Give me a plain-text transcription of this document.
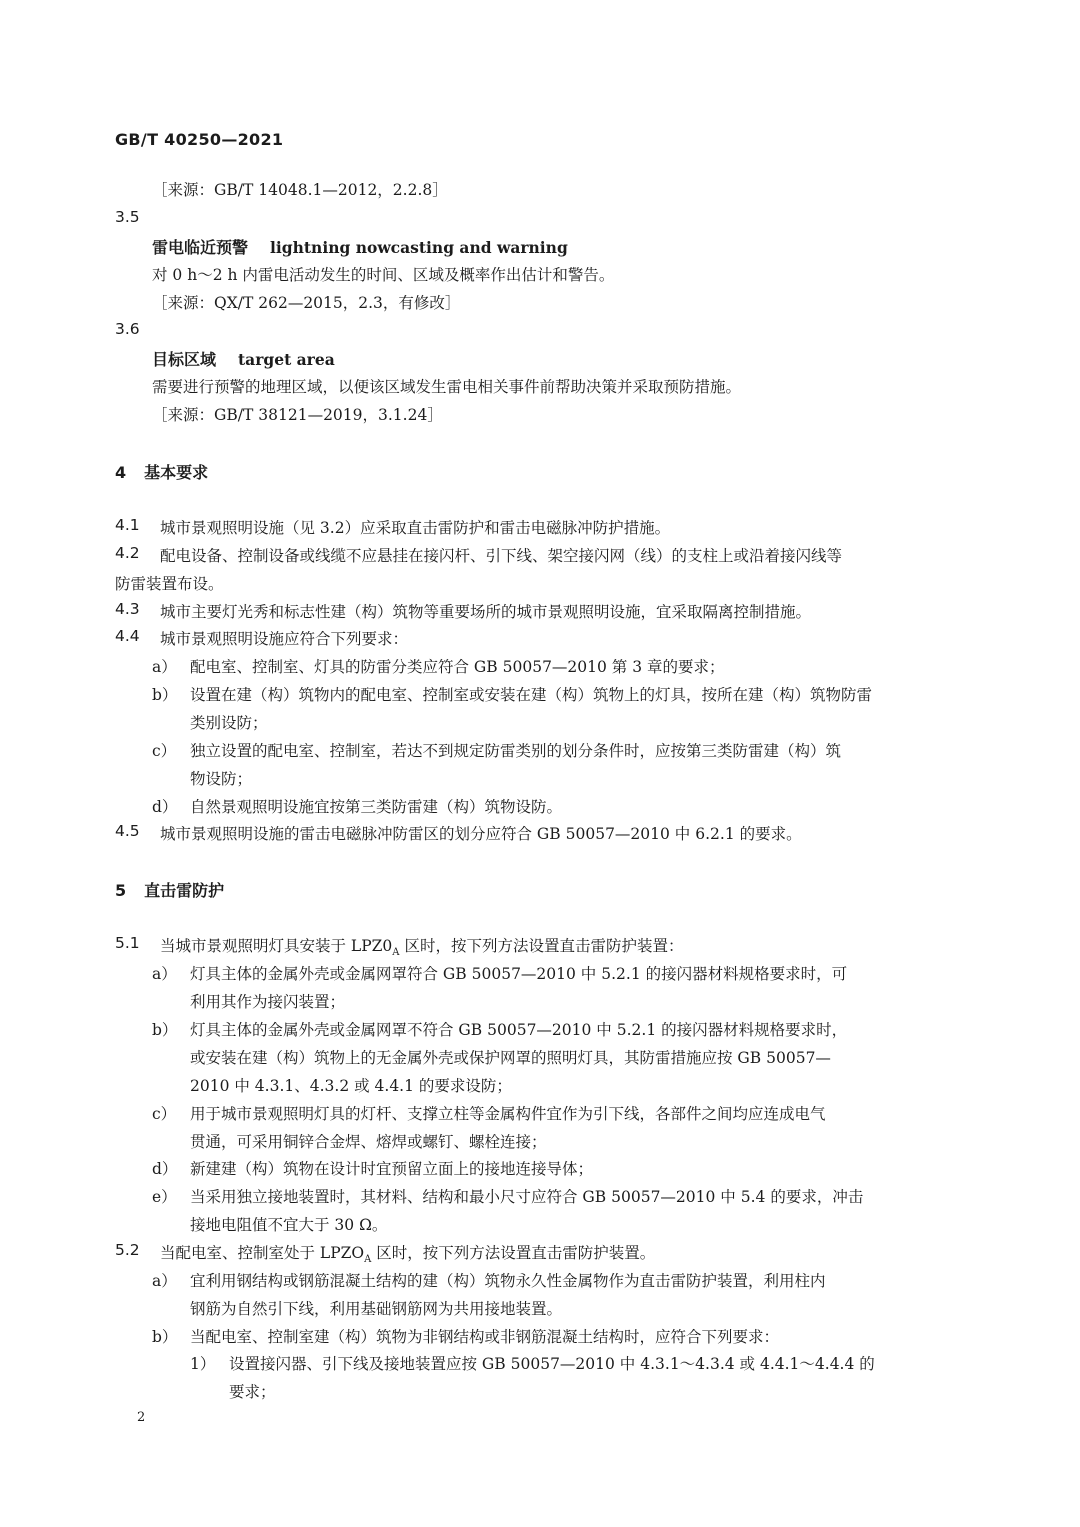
GB/T 40250—2021
［来源：GB/T 14048.1—2012，2.2.8］
3.5
雷电临近预警 lightning nowcasting and warning
对 0 h～2 h 内雷电活动发生的时间、区域及概率作出估计和警告。
［来源：QX/T 262—2015，2.3，有修改］
3.6
目标区域 target area
需要进行预警的地理区域，以便该区域发生雷电相关事件前帮助决策并采取预防措施。
［来源：GB/T 38121—2019，3.1.24］
4 基本要求
4.1 城市景观照明设施（见 3.2）应采取直击雷防护和雷击电磁脉冲防护措施。
4.2 配电设备、控制设备或线缆不应悬挂在接闪杆、引下线、架空接闪网（线）的支柱上或沿着接闪线等
防雷装置布设。
4.3 城市主要灯光秀和标志性建（构）筑物等重要场所的城市景观照明设施，宜采取隔离控制措施。
4.4 城市景观照明设施应符合下列要求：
a） 配电室、控制室、灯具的防雷分类应符合 GB 50057—2010 第 3 章的要求；
b） 设置在建（构）筑物内的配电室、控制室或安装在建（构）筑物上的灯具，按所在建（构）筑物防雷
类别设防；
c） 独立设置的配电室、控制室，若达不到规定防雷类别的划分条件时，应按第三类防雷建（构）筑
物设防；
d） 自然景观照明设施宜按第三类防雷建（构）筑物设防。
4.5 城市景观照明设施的雷击电磁脉冲防雷区的划分应符合 GB 50057—2010 中 6.2.1 的要求。
5 直击雷防护
5.1 当城市景观照明灯具安装于 $LPZ0_A$ 区时，按下列方法设置直击雷防护装置：
a） 灯具主体的金属外壳或金属网罩符合 GB 50057—2010 中 5.2.1 的接闪器材料规格要求时，可
利用其作为接闪装置；
b） 灯具主体的金属外壳或金属网罩不符合 GB 50057—2010 中 5.2.1 的接闪器材料规格要求时，
或安装在建（构）筑物上的无金属外壳或保护网罩的照明灯具，其防雷措施应按 GB 50057—
2010 中 4.3.1、4.3.2 或 4.4.1 的要求设防；
c） 用于城市景观照明灯具的灯杆、支撑立柱等金属构件宜作为引下线，各部件之间均应连成电气
贯通，可采用铜锌合金焊、熔焊或螺钉、螺栓连接；
d） 新建建（构）筑物在设计时宜预留立面上的接地连接导体；
e） 当采用独立接地装置时，其材料、结构和最小尺寸应符合 GB 50057—2010 中 5.4 的要求，冲击
接地电阻值不宜大于 30 Ω。
5.2 当配电室、控制室处于 $LPZO_A$ 区时，按下列方法设置直击雷防护装置。
a） 宜利用钢结构或钢筋混凝土结构的建（构）筑物永久性金属物作为直击雷防护装置，利用柱内
钢筋为自然引下线，利用基础钢筋网为共用接地装置。
b） 当配电室、控制室建（构）筑物为非钢结构或非钢筋混凝土结构时，应符合下列要求：
1） 设置接闪器、引下线及接地装置应按 GB 50057—2010 中 4.3.1～4.3.4 或 4.4.1～4.4.4 的
要求；
2
